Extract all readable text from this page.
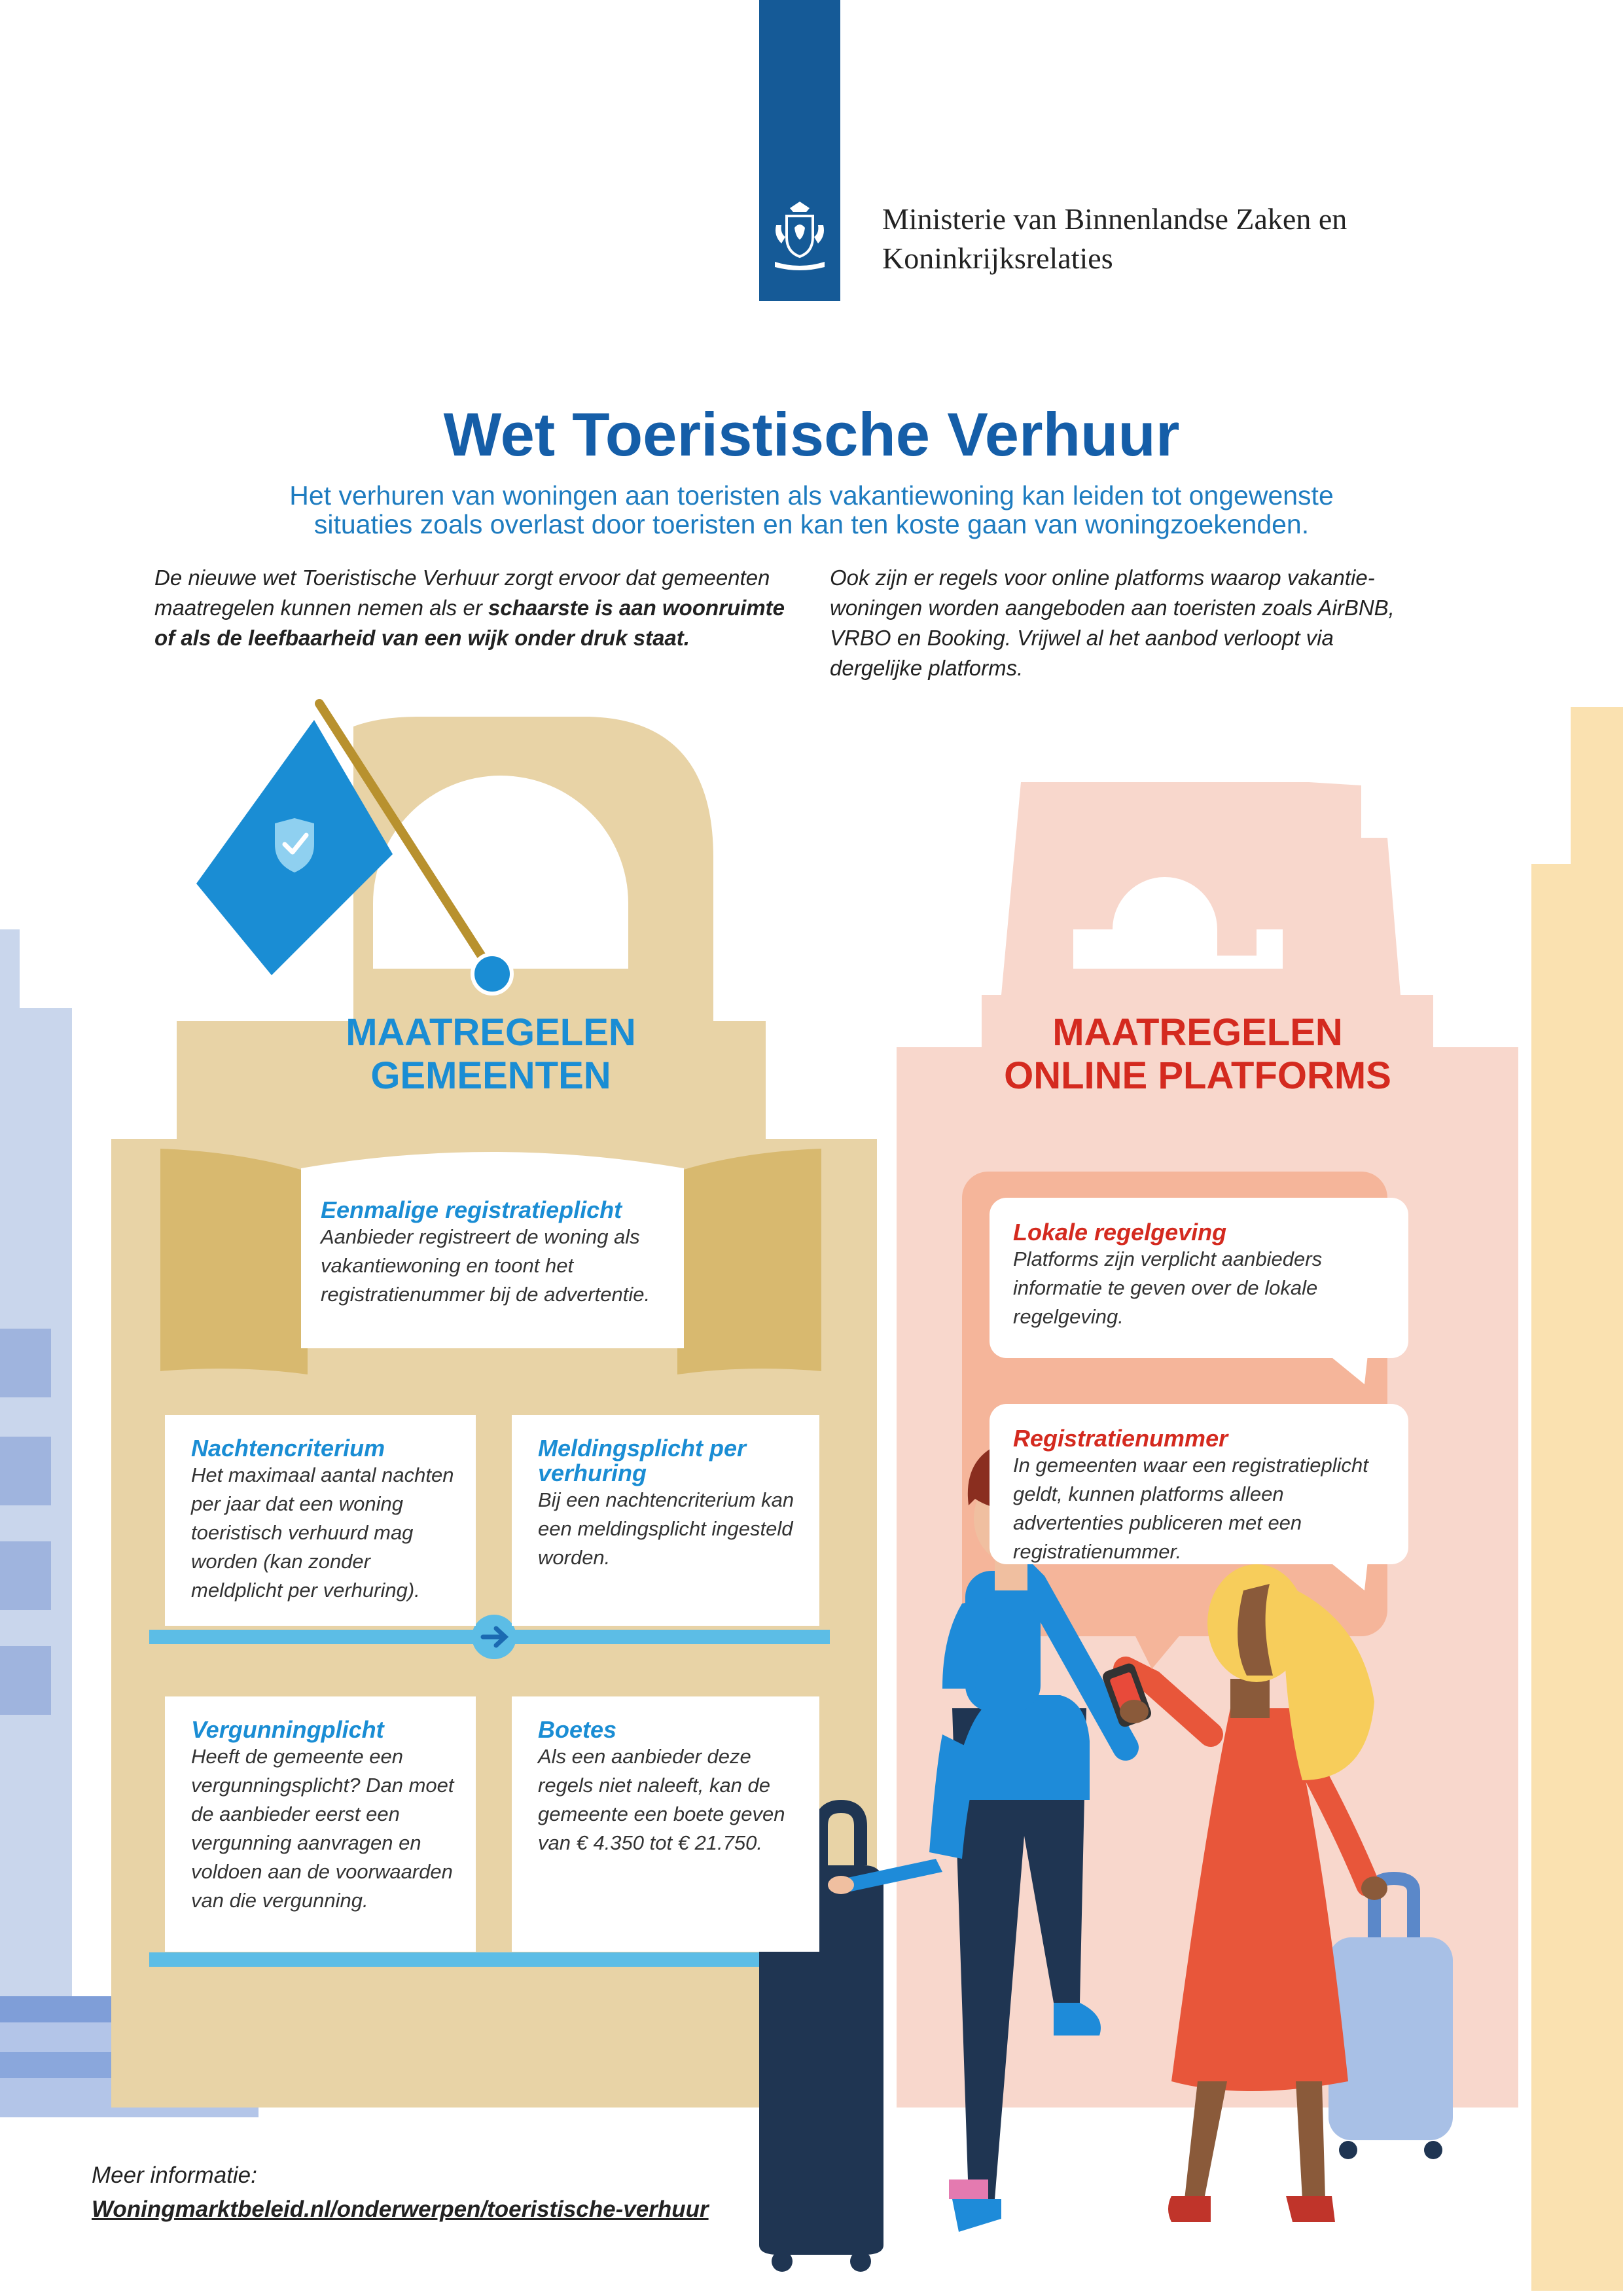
Ministerie van Binnenlandse Zaken en
Koninkrijksrelaties
Wet Toeristische Verhuur
Het verhuren van woningen aan toeristen als vakantiewoning kan leiden tot ongewenste
situaties zoals overlast door toeristen en kan ten koste gaan van woningzoekenden.
De nieuwe wet Toeristische Verhuur zorgt ervoor dat gemeenten maatregelen kunnen nemen als er schaarste is aan woonruimte of als de leefbaarheid van een wijk onder druk staat.
Ook zijn er regels voor online platforms waarop vakantiewoningen worden aangeboden aan toeristen zoals AirBNB, VRBO en Booking. Vrijwel al het aanbod verloopt via dergelijke platforms.
MAATREGELEN
GEMEENTEN
MAATREGELEN
ONLINE PLATFORMS
Eenmalige registratieplicht
Aanbieder registreert de woning als vakantiewoning en toont het registratienummer bij de advertentie.
Nachtencriterium
Het maximaal aantal nachten per jaar dat een woning toeristisch verhuurd mag worden (kan zonder meldplicht per verhuring).
Meldingsplicht per verhuring
Bij een nachtencriterium kan een meldingsplicht ingesteld worden.
Vergunningplicht
Heeft de gemeente een vergunningsplicht? Dan moet de aanbieder eerst een vergunning aanvragen en voldoen aan de voorwaarden van die vergunning.
Boetes
Als een aanbieder deze regels niet naleeft, kan de gemeente een boete geven van € 4.350 tot € 21.750.
Lokale regelgeving
Platforms zijn verplicht aanbieders informatie te geven over de lokale regelgeving.
Registratienummer
In gemeenten waar een registratieplicht geldt, kunnen platforms alleen advertenties publiceren met een registratienummer.
Meer informatie:
Woningmarktbeleid.nl/onderwerpen/toeristische-verhuur
